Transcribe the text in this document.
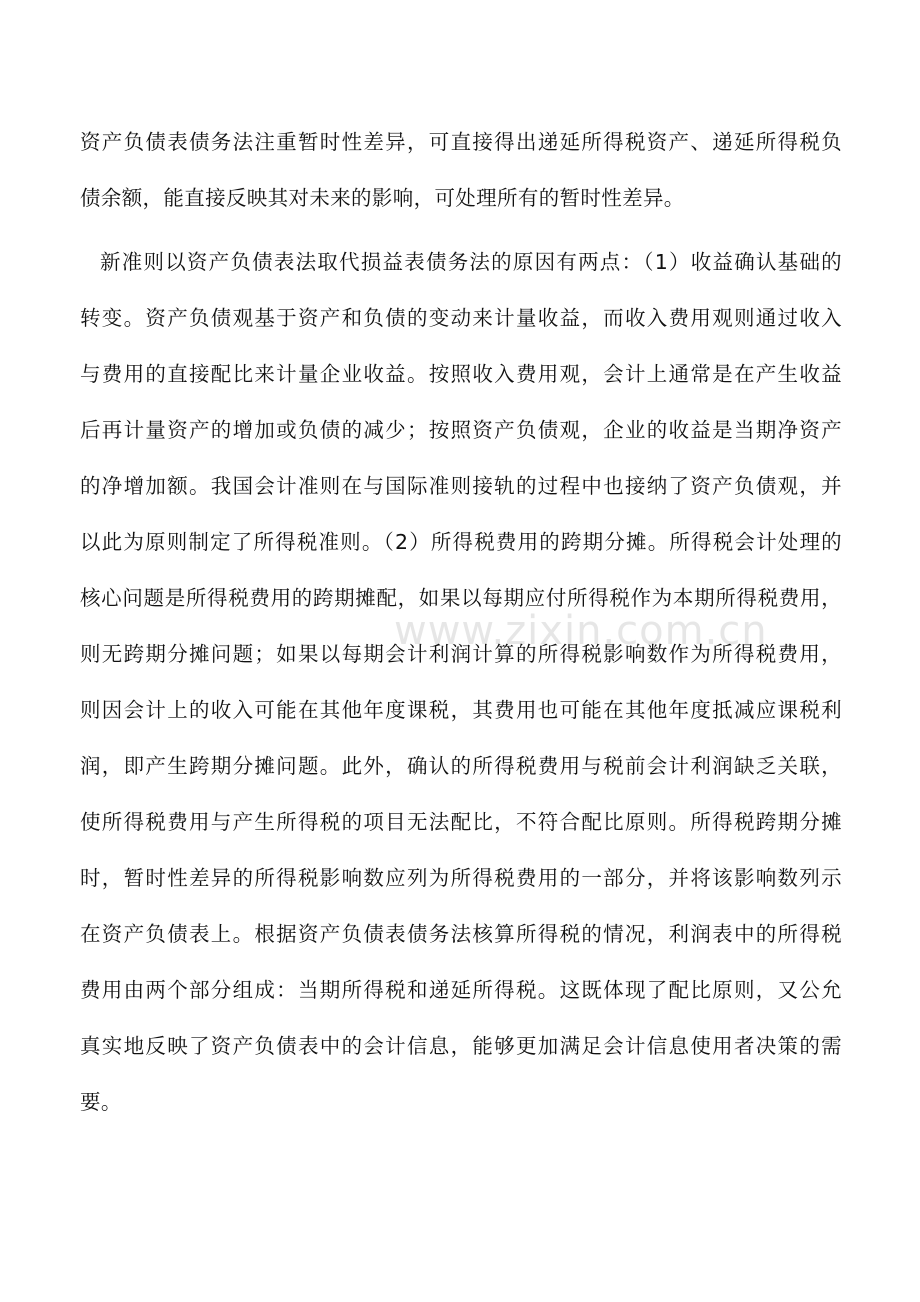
www.zixin.com.cn
资产负债表债务法注重暂时性差异，可直接得出递延所得税资产、递延所得税负
债余额，能直接反映其对未来的影响，可处理所有的暂时性差异。
新准则以资产负债表法取代损益表债务法的原因有两点：（1）收益确认基础的
转变。资产负债观基于资产和负债的变动来计量收益，而收入费用观则通过收入
与费用的直接配比来计量企业收益。按照收入费用观，会计上通常是在产生收益
后再计量资产的增加或负债的减少；按照资产负债观，企业的收益是当期净资产
的净增加额。我国会计准则在与国际准则接轨的过程中也接纳了资产负债观，并
以此为原则制定了所得税准则。（2）所得税费用的跨期分摊。所得税会计处理的
核心问题是所得税费用的跨期摊配，如果以每期应付所得税作为本期所得税费用，
则无跨期分摊问题；如果以每期会计利润计算的所得税影响数作为所得税费用，
则因会计上的收入可能在其他年度课税，其费用也可能在其他年度抵减应课税利
润，即产生跨期分摊问题。此外，确认的所得税费用与税前会计利润缺乏关联，
使所得税费用与产生所得税的项目无法配比，不符合配比原则。所得税跨期分摊
时，暂时性差异的所得税影响数应列为所得税费用的一部分，并将该影响数列示
在资产负债表上。根据资产负债表债务法核算所得税的情况，利润表中的所得税
费用由两个部分组成：当期所得税和递延所得税。这既体现了配比原则，又公允
真实地反映了资产负债表中的会计信息，能够更加满足会计信息使用者决策的需
要。
